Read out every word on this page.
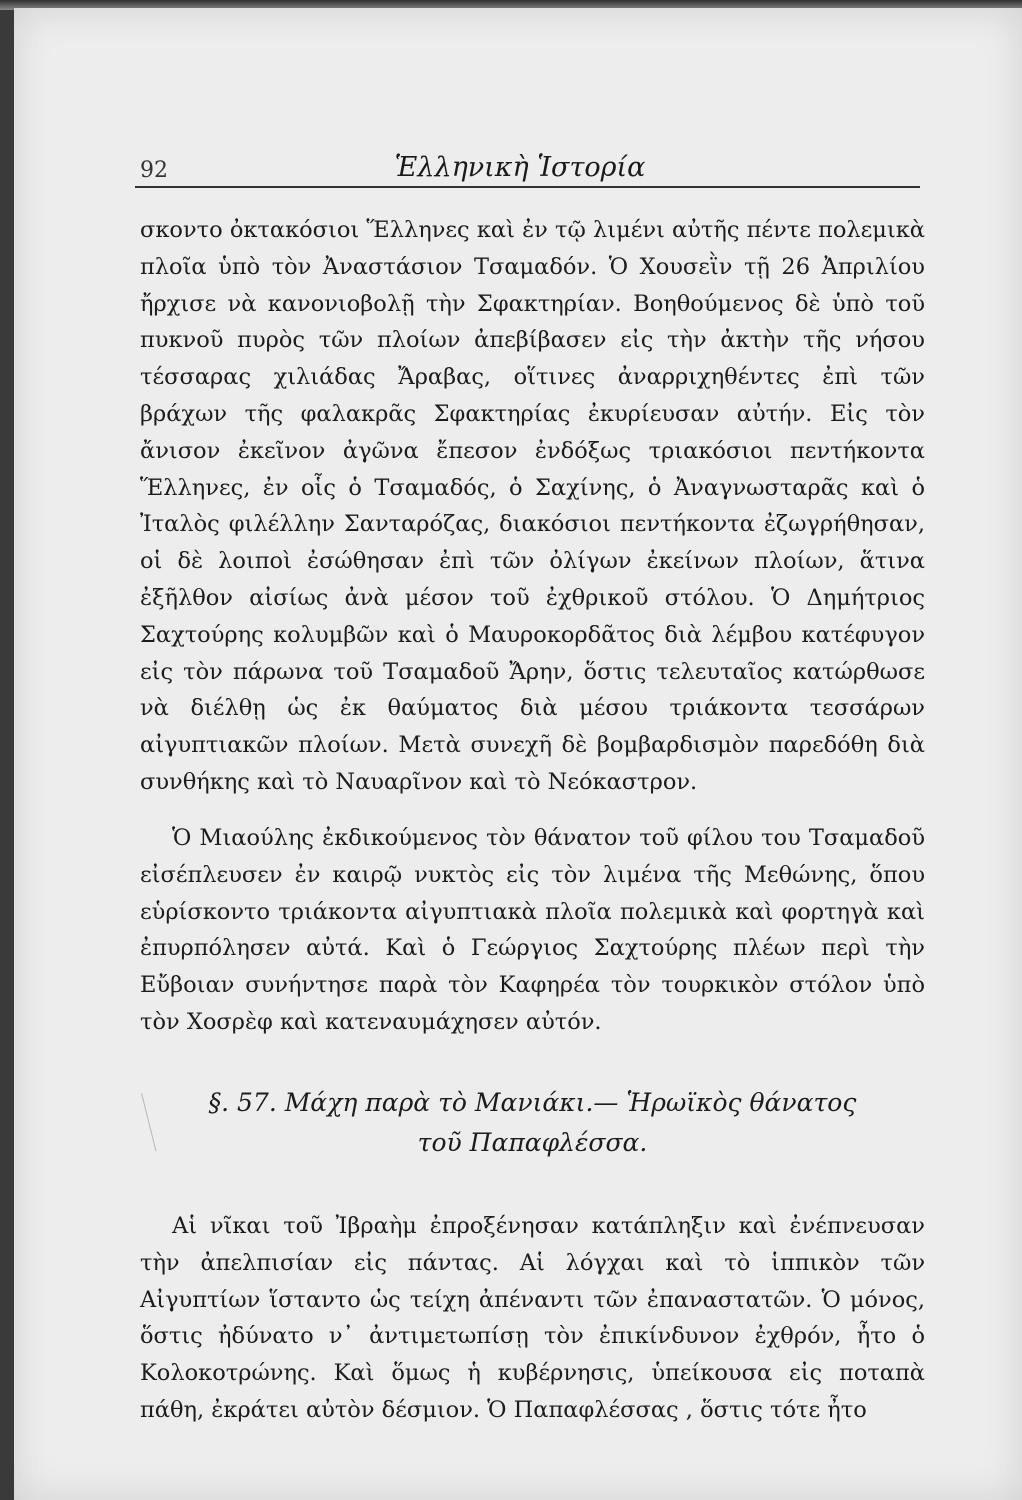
92	Ἑλληνικὴ Ἱστορία
σκοντο ὀκτακόσιοι Ἕλληνες καὶ ἐν τῷ λιμένι αὐτῆς πέντε πολεμικὰ πλοῖα ὑπὸ τὸν Ἀναστάσιον Τσαμαδόν. Ὁ Χουσεῒν τῇ 26 Ἀπριλίου ἤρχισε νὰ κανονιοβολῇ τὴν Σφακτηρίαν. Βοηθούμενος δὲ ὑπὸ τοῦ πυκνοῦ πυρὸς τῶν πλοίων ἀπεβίβασεν εἰς τὴν ἀκτὴν τῆς νήσου τέσσαρας χιλιάδας Ἄραβας, οἵτινες ἀναρριχηθέντες ἐπὶ τῶν βράχων τῆς φαλακρᾶς Σφακτηρίας ἐκυρίευσαν αὐτήν. Εἰς τὸν ἄνισον ἐκεῖνον ἀγῶνα ἔπεσον ἐνδόξως τριακόσιοι πεντήκοντα Ἕλληνες, ἐν οἷς ὁ Τσαμαδός, ὁ Σαχίνης, ὁ Ἀναγνωσταρᾶς καὶ ὁ Ἰταλὸς φιλέλλην Σανταρόζας, διακόσιοι πεντήκοντα ἐζωγρήθησαν, οἱ δὲ λοιποὶ ἐσώθησαν ἐπὶ τῶν ὀλίγων ἐκείνων πλοίων, ἅτινα ἐξῆλθον αἰσίως ἀνὰ μέσον τοῦ ἐχθρικοῦ στόλου. Ὁ Δημήτριος Σαχτούρης κολυμβῶν καὶ ὁ Μαυροκορδᾶτος διὰ λέμβου κατέφυγον εἰς τὸν πάρωνα τοῦ Τσαμαδοῦ Ἄρην, ὅστις τελευταῖος κατώρθωσε νὰ διέλθῃ ὡς ἐκ θαύματος διὰ μέσου τριάκοντα τεσσάρων αἰγυπτιακῶν πλοίων. Μετὰ συνεχῆ δὲ βομβαρδισμὸν παρεδόθη διὰ συνθήκης καὶ τὸ Ναυαρῖνον καὶ τὸ Νεόκαστρον.
Ὁ Μιαούλης ἐκδικούμενος τὸν θάνατον τοῦ φίλου του Τσαμαδοῦ εἰσέπλευσεν ἐν καιρῷ νυκτὸς εἰς τὸν λιμένα τῆς Μεθώνης, ὅπου εὑρίσκοντο τριάκοντα αἰγυπτιακὰ πλοῖα πολεμικὰ καὶ φορτηγὰ καὶ ἐπυρπόλησεν αὐτά. Καὶ ὁ Γεώργιος Σαχτούρης πλέων περὶ τὴν Εὔβοιαν συνήντησε παρὰ τὸν Καφηρέα τὸν τουρκικὸν στόλον ὑπὸ τὸν Χοσρὲφ καὶ κατεναυμάχησεν αὐτόν.
§. 57. Μάχη παρὰ τὸ Μανιάκι.— Ἡρωϊκὸς θάνατος
τοῦ Παπαφλέσσα.
Αἱ νῖκαι τοῦ Ἰβραὴμ ἐπροξένησαν κατάπληξιν καὶ ἐνέπνευσαν τὴν ἀπελπισίαν εἰς πάντας. Αἱ λόγχαι καὶ τὸ ἱππικὸν τῶν Αἰγυπτίων ἵσταντο ὡς τείχη ἀπέναντι τῶν ἐπαναστατῶν. Ὁ μόνος, ὅστις ἠδύνατο ν᾽ ἀντιμετωπίσῃ τὸν ἐπικίνδυνον ἐχθρόν, ἦτο ὁ Κολοκοτρώνης. Καὶ ὅμως ἡ κυβέρνησις, ὑπείκουσα εἰς ποταπὰ πάθη, ἐκράτει αὐτὸν δέσμιον. Ὁ Παπαφλέσσας , ὅστις τότε ἦτο
